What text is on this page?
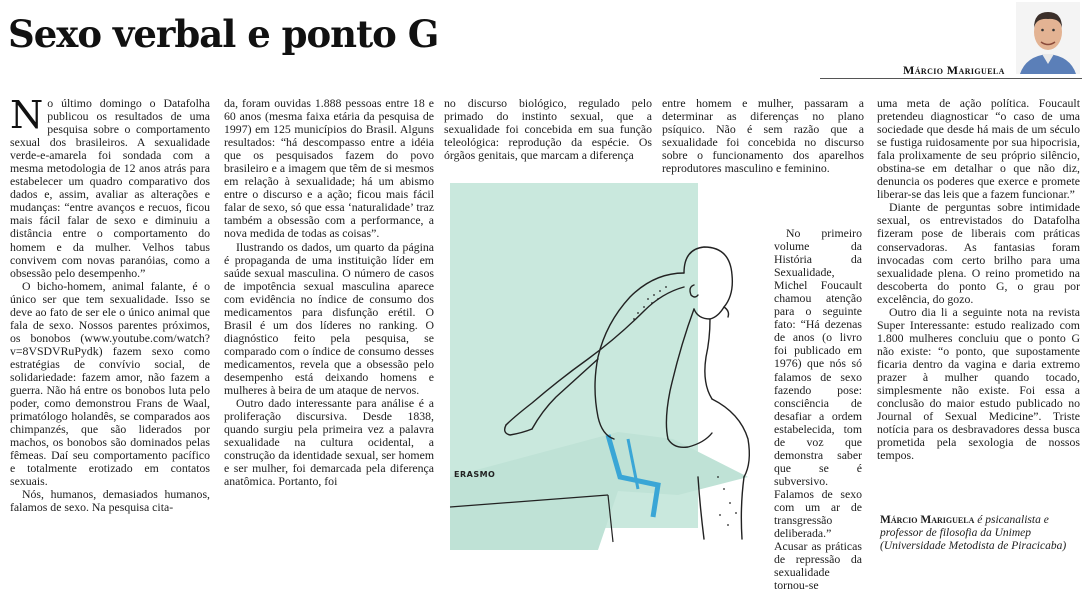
Sexo verbal e ponto G
Márcio Mariguela

No último domingo o Datafolha publicou os resultados de uma pesquisa sobre o comportamento sexual dos brasileiros. A sexualidade verde-e-amarela foi sondada com a mesma metodologia de 12 anos atrás para estabelecer um quadro comparativo dos dados e, assim, avaliar as alterações e mudanças: “entre avanços e recuos, ficou mais fácil falar de sexo e diminuiu a distância entre o comportamento do homem e da mulher. Velhos tabus convivem com novas paranóias, como a obsessão pelo desempenho.”

O bicho-homem, animal falante, é o único ser que tem sexualidade. Isso se deve ao fato de ser ele o único animal que fala de sexo. Nossos parentes próximos, os bonobos (www.youtube.com/watch?v=8VSDVRuPydk) fazem sexo como estratégias de convívio social, de solidariedade: fazem amor, não fazem a guerra. Não há entre os bonobos luta pelo poder, como demonstrou Frans de Waal, primatólogo holandês, se comparados aos chimpanzés, que são liderados por machos, os bonobos são dominados pelas fêmeas. Daí seu comportamento pacífico e totalmente erotizado em contatos sexuais.

Nós, humanos, demasiados humanos, falamos de sexo. Na pesquisa cita-

da, foram ouvidas 1.888 pessoas entre 18 e 60 anos (mesma faixa etária da pesquisa de 1997) em 125 municípios do Brasil. Alguns resultados: “há descompasso entre a idéia que os pesquisados fazem do povo brasileiro e a imagem que têm de si mesmos em relação à sexualidade; há um abismo entre o discurso e a ação; ficou mais fácil falar de sexo, só que essa ‘naturalidade’ traz também a obsessão com a performance, a nova medida de todas as coisas”.

Ilustrando os dados, um quarto da página é propaganda de uma instituição líder em saúde sexual masculina. O número de casos de impotência sexual masculina aparece com evidência no índice de consumo dos medicamentos para disfunção erétil. O Brasil é um dos líderes no ranking. O diagnóstico feito pela pesquisa, se comparado com o índice de consumo desses medicamentos, revela que a obsessão pelo desempenho está deixando homens e mulheres à beira de um ataque de nervos.

Outro dado interessante para análise é a proliferação discursiva. Desde 1838, quando surgiu pela primeira vez a palavra sexualidade na cultura ocidental, a construção da identidade sexual, ser homem e ser mulher, foi demarcada pela diferença anatômica. Portanto, foi

no discurso biológico, regulado pelo primado do instinto sexual, que a sexualidade foi concebida em sua função teleológica: reprodução da espécie. Os órgãos genitais, que marcam a diferença

entre homem e mulher, passaram a determinar as diferenças no plano psíquico. Não é sem razão que a sexualidade foi concebida no discurso sobre o funcionamento dos aparelhos reprodutores masculino e feminino.

No primeiro volume da História da Sexualidade, Michel Foucault chamou atenção para o seguinte fato: “Há dezenas de anos (o livro foi publicado em 1976) que nós só falamos de sexo fazendo pose: consciência de desafiar a ordem estabelecida, tom de voz que demonstra saber que se é subversivo. Falamos de sexo com um ar de transgressão deliberada.” Acusar as práticas de repressão da sexualidade tornou-se

uma meta de ação política. Foucault pretendeu diagnosticar “o caso de uma sociedade que desde há mais de um século se fustiga ruidosamente por sua hipocrisia, fala prolixamente de seu próprio silêncio, obstina-se em detalhar o que não diz, denuncia os poderes que exerce e promete liberar-se das leis que a fazem funcionar.”

Diante de perguntas sobre intimidade sexual, os entrevistados do Datafolha fizeram pose de liberais com práticas conservadoras. As fantasias foram invocadas com certo brilho para uma sexualidade plena. O reino prometido na descoberta do ponto G, o grau por excelência, do gozo.

Outro dia li a seguinte nota na revista Super Interessante: estudo realizado com 1.800 mulheres concluiu que o ponto G não existe: “o ponto, que supostamente ficaria dentro da vagina e daria extremo prazer à mulher quando tocado, simplesmente não existe. Foi essa a conclusão do maior estudo publicado no Journal of Sexual Medicine”. Triste notícia para os desbravadores dessa busca prometida pela sexologia de nossos tempos.

Márcio Mariguela é psicanalista e professor de filosofia da Unimep (Universidade Metodista de Piracicaba)
ERASMO
